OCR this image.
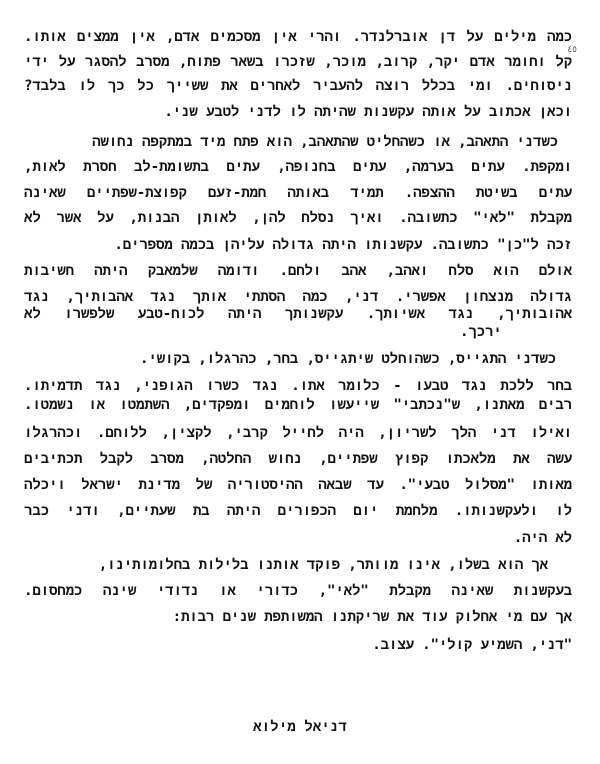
כמה מילים על דן אוברלנדר. והרי אין מסכמים אדם, אין ממצים אותו.
קל וחומר אדם יקר, קרוב, מוכר, שזכרו בשאר פתוח, מסרב להסגר על ידי
٤٥
ניסוחים. ומי בכלל רוצה להעביר לאחרים את ששייך כל כך לו בלבד?
וכאן אכתוב על אותה עקשנות שהיתה לו לדני לטבע שני.
כשדני התאהב, או כשהחליט שהתאהב, הוא פתח מיד במתקפה נחושה
ומקפת. עתים בערמה, עתים בחנופה, עתים בתשומת-לב חסרת לאות,
עתים בשיטת ההצפה. תמיד באותה חמת-זעם קפוצת-שפתיים שאינה
מקבלת "לאי" כתשובה. ואיך נסלח להן, לאותן הבנות, על אשר לא
זכה ל"כן" כתשובה. עקשנותו היתה גדולה עליהן בכמה מספרים.
אולם הוא סלח ואהב, אהב ולחם. ודומה שלמאבק היתה חשיבות
גדולה מנצחון אפשרי. דני, כמה הסתתי אותך נגד אהבותיך, נגד
אהובותיך, נגד אשיותך. עקשנותך היתה לכוח-טבע שלפשרו לא
ירכך.
כשדני התגייס, כשהוחלט שיתגייס, בחר, כהרגלו, בקושי.
בחר ללכת נגד טבעו - כלומר אתו. נגד כשרו הגופני, נגד תדמיתו.
רבים מאתנו, ש"נכתבי" שייעשו לוחמים ומפקדים, השתמטו או נשמטו.
ואילו דני הלך לשריון, היה לחייל קרבי, לקצין, ללוחם. וכהרגלו
עשה את מלאכתו קפוץ שפתיים, נחוש החלטה, מסרב לקבל תכתיבים
מאותו "מסלול טבעי". עד שבאה ההיסטוריה של מדינת ישראל ויכלה
לו ולעקשנותו. מלחמת יום הכפורים היתה בת שעתיים, ודני כבר
לא היה.
אך הוא בשלו, אינו מוותר, פוקד אותנו בלילות בחלומותינו,
בעקשנות שאינה מקבלת "לאי", כדורי או נדודי שינה כמחסום.
אך עם מי אחלוק עוד את שריקתנו המשותפת שנים רבות:
"דני, השמיע קולי". עצוב.
דניאל מילוא
